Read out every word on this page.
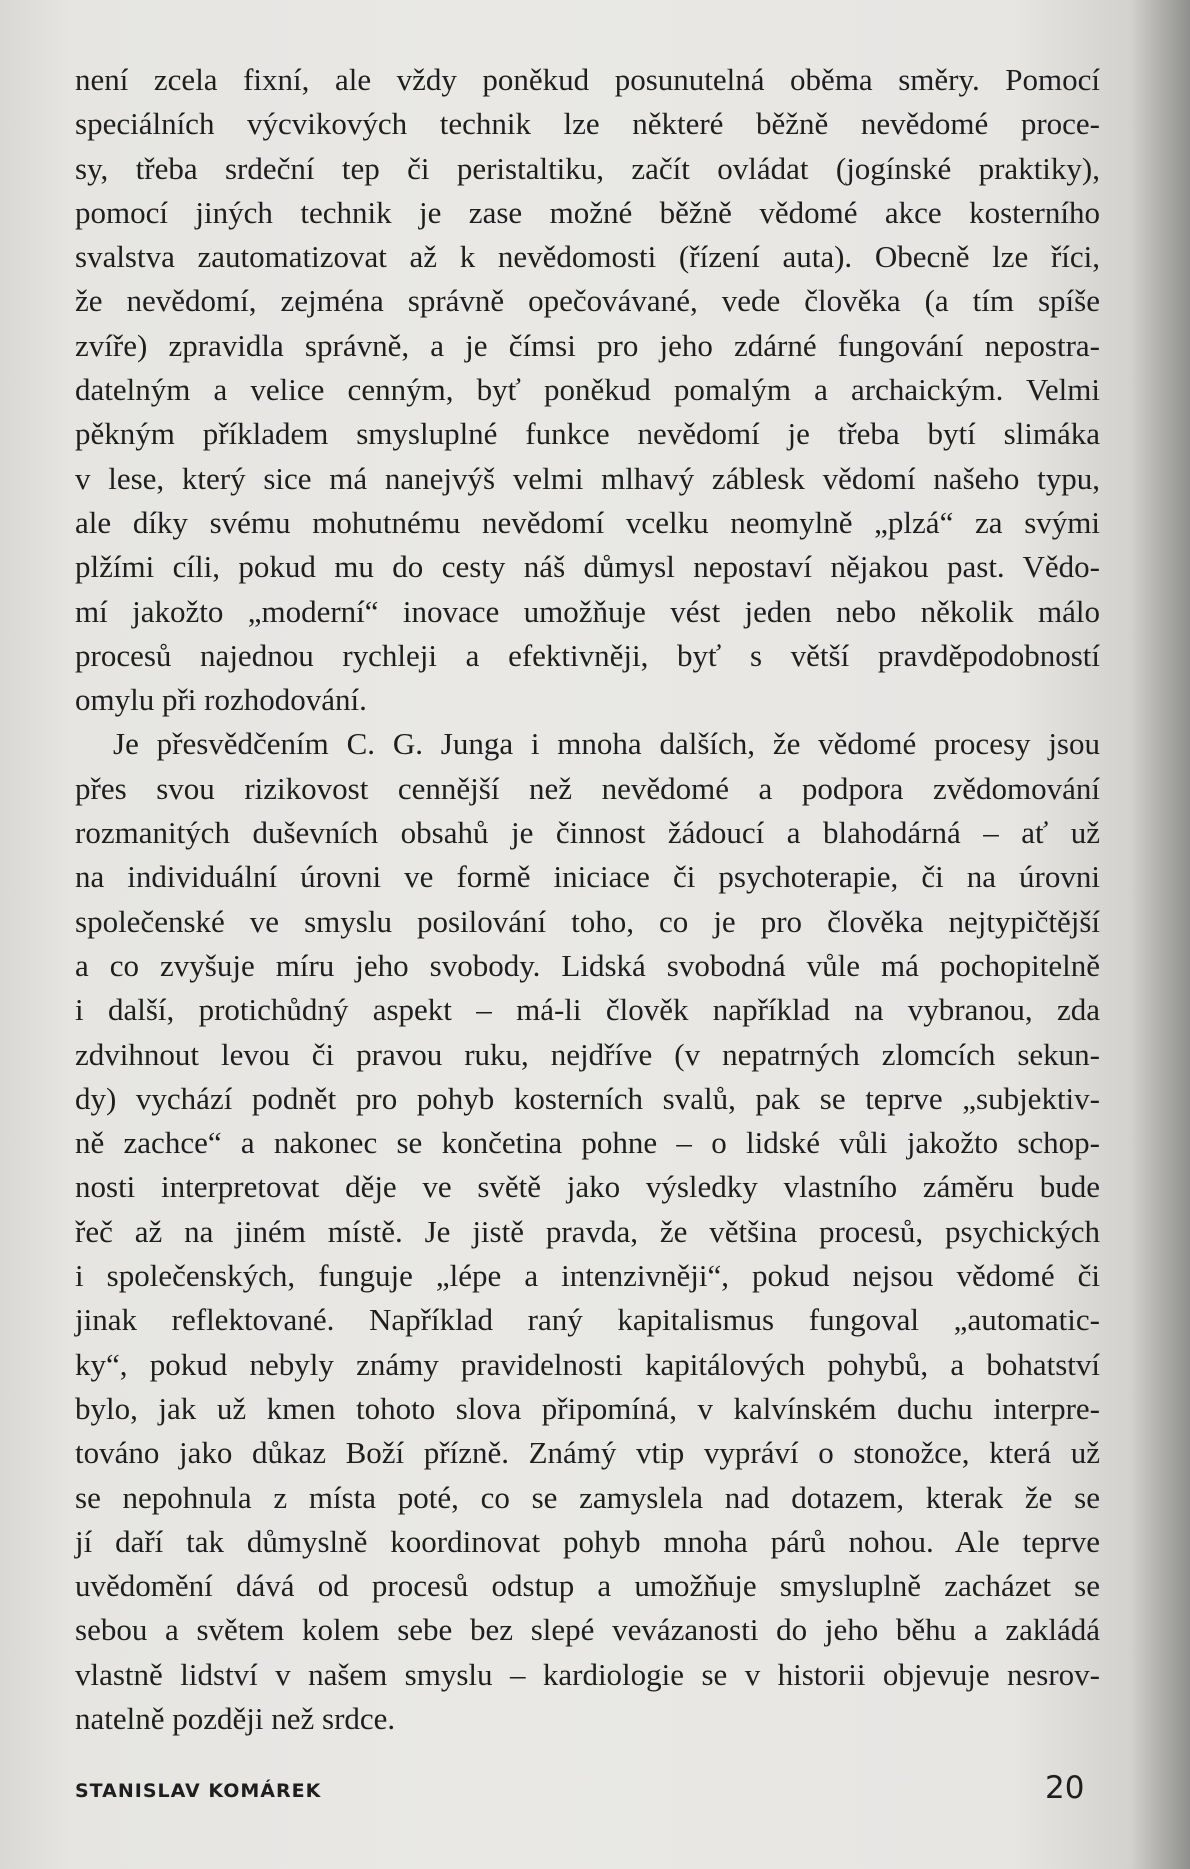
není zcela fixní, ale vždy poněkud posunutelná oběma směry. Pomocí
speciálních výcvikových technik lze některé běžně nevědomé proce-
sy, třeba srdeční tep či peristaltiku, začít ovládat (jogínské praktiky),
pomocí jiných technik je zase možné běžně vědomé akce kosterního
svalstva zautomatizovat až k nevědomosti (řízení auta). Obecně lze říci,
že nevědomí, zejména správně opečovávané, vede člověka (a tím spíše
zvíře) zpravidla správně, a je čímsi pro jeho zdárné fungování nepostra-
datelným a velice cenným, byť poněkud pomalým a archaickým. Velmi
pěkným příkladem smysluplné funkce nevědomí je třeba bytí slimáka
v lese, který sice má nanejvýš velmi mlhavý záblesk vědomí našeho typu,
ale díky svému mohutnému nevědomí vcelku neomylně „plzá“ za svými
plžími cíli, pokud mu do cesty náš důmysl nepostaví nějakou past. Vědo-
mí jakožto „moderní“ inovace umožňuje vést jeden nebo několik málo
procesů najednou rychleji a efektivněji, byť s větší pravděpodobností
omylu při rozhodování.
Je přesvědčením C. G. Junga i mnoha dalších, že vědomé procesy jsou
přes svou rizikovost cennější než nevědomé a podpora zvědomování
rozmanitých duševních obsahů je činnost žádoucí a blahodárná – ať už
na individuální úrovni ve formě iniciace či psychoterapie, či na úrovni
společenské ve smyslu posilování toho, co je pro člověka nejtypičtější
a co zvyšuje míru jeho svobody. Lidská svobodná vůle má pochopitelně
i další, protichůdný aspekt – má-li člověk například na vybranou, zda
zdvihnout levou či pravou ruku, nejdříve (v nepatrných zlomcích sekun-
dy) vychází podnět pro pohyb kosterních svalů, pak se teprve „subjektiv-
ně zachce“ a nakonec se končetina pohne – o lidské vůli jakožto schop-
nosti interpretovat děje ve světě jako výsledky vlastního záměru bude
řeč až na jiném místě. Je jistě pravda, že většina procesů, psychických
i společenských, funguje „lépe a intenzivněji“, pokud nejsou vědomé či
jinak reflektované. Například raný kapitalismus fungoval „automatic-
ky“, pokud nebyly známy pravidelnosti kapitálových pohybů, a bohatství
bylo, jak už kmen tohoto slova připomíná, v kalvínském duchu interpre-
továno jako důkaz Boží přízně. Známý vtip vypráví o stonožce, která už
se nepohnula z místa poté, co se zamyslela nad dotazem, kterak že se
jí daří tak důmyslně koordinovat pohyb mnoha párů nohou. Ale teprve
uvědomění dává od procesů odstup a umožňuje smysluplně zacházet se
sebou a světem kolem sebe bez slepé vevázanosti do jeho běhu a zakládá
vlastně lidství v našem smyslu – kardiologie se v historii objevuje nesrov-
natelně později než srdce.
STANISLAV KOMÁREK	20
